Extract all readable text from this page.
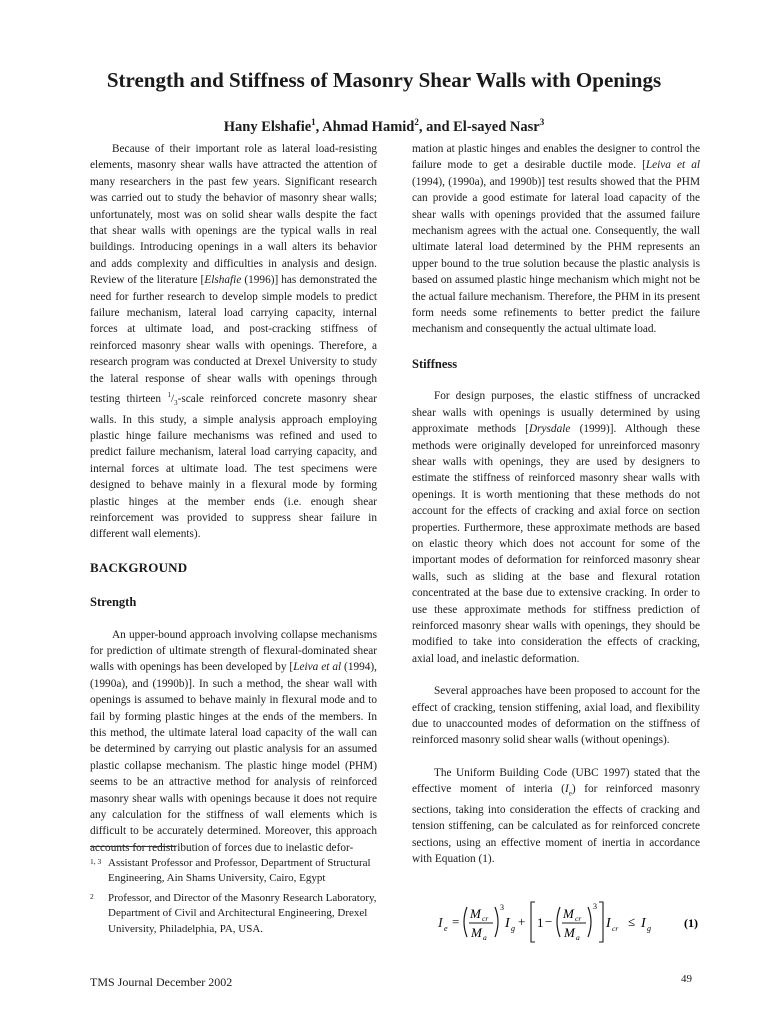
Strength and Stiffness of Masonry Shear Walls with Openings
Hany Elshafie$^1$, Ahmad Hamid$^2$, and El-sayed Nasr$^3$

Because of their important role as lateral load-resisting elements, masonry shear walls have attracted the attention of many researchers in the past few years. Significant research was carried out to study the behavior of masonry shear walls; unfortunately, most was on solid shear walls despite the fact that shear walls with openings are the typical walls in real buildings. Introducing openings in a wall alters its behavior and adds complexity and difficulties in analysis and design. Review of the literature [Elshafie (1996)] has demonstrated the need for further research to develop simple models to predict failure mechanism, lateral load carrying capacity, internal forces at ultimate load, and post-cracking stiffness of reinforced masonry shear walls with openings. Therefore, a research program was conducted at Drexel University to study the lateral response of shear walls with openings through testing thirteen $^1/_3$-scale reinforced concrete masonry shear walls. In this study, a simple analysis approach employing plastic hinge failure mechanisms was refined and used to predict failure mechanism, lateral load carrying capacity, and internal forces at ultimate load. The test specimens were designed to behave mainly in a flexural mode by forming plastic hinges at the member ends (i.e. enough shear reinforcement was provided to suppress shear failure in different wall elements).

BACKGROUND
Strength

An upper-bound approach involving collapse mechanisms for prediction of ultimate strength of flexural-dominated shear walls with openings has been developed by [Leiva et al (1994), (1990a), and (1990b)]. In such a method, the shear wall with openings is assumed to behave mainly in flexural mode and to fail by forming plastic hinges at the ends of the members. In this method, the ultimate lateral load capacity of the wall can be determined by carrying out plastic analysis for an assumed plastic collapse mechanism. The plastic hinge model (PHM) seems to be an attractive method for analysis of reinforced masonry shear walls with openings because it does not require any calculation for the stiffness of wall elements which is difficult to be accurately determined. Moreover, this approach accounts for redistribution of forces due to inelastic defor-

mation at plastic hinges and enables the designer to control the failure mode to get a desirable ductile mode. [Leiva et al (1994), (1990a), and 1990b)] test results showed that the PHM can provide a good estimate for lateral load capacity of the shear walls with openings provided that the assumed failure mechanism agrees with the actual one. Consequently, the wall ultimate lateral load determined by the PHM represents an upper bound to the true solution because the plastic analysis is based on assumed plastic hinge mechanism which might not be the actual failure mechanism. Therefore, the PHM in its present form needs some refinements to better predict the failure mechanism and consequently the actual ultimate load.

Stiffness

For design purposes, the elastic stiffness of uncracked shear walls with openings is usually determined by using approximate methods [Drysdale (1999)]. Although these methods were originally developed for unreinforced masonry shear walls with openings, they are used by designers to estimate the stiffness of reinforced masonry shear walls with openings. It is worth mentioning that these methods do not account for the effects of cracking and axial force on section properties. Furthermore, these approximate methods are based on elastic theory which does not account for some of the important modes of deformation for reinforced masonry shear walls, such as sliding at the base and flexural rotation concentrated at the base due to extensive cracking. In order to use these approximate methods for stiffness prediction of reinforced masonry shear walls with openings, they should be modified to take into consideration the effects of cracking, axial load, and inelastic deformation.

Several approaches have been proposed to account for the effect of cracking, tension stiffening, axial load, and flexibility due to unaccounted modes of deformation on the stiffness of reinforced masonry solid shear walls (without openings).

The Uniform Building Code (UBC 1997) stated that the effective moment of interia $(I_e)$ for reinforced masonry sections, taking into consideration the effects of cracking and tension stiffening, can be calculated as for reinforced concrete sections, using an effective moment of inertia in accordance with Equation (1).

1, 3 Assistant Professor and Professor, Department of Structural Engineering, Ain Shams University, Cairo, Egypt
2	Professor, and Director of the Masonry Research Laboratory, Department of Civil and Architectural Engineering, Drexel University, Philadelphia, PA, USA.	I e =
M cr
M a
3
I g + 1 −
M cr
M a
3
I cr ≤ I g	(1)
TMS Journal December 2002	49
